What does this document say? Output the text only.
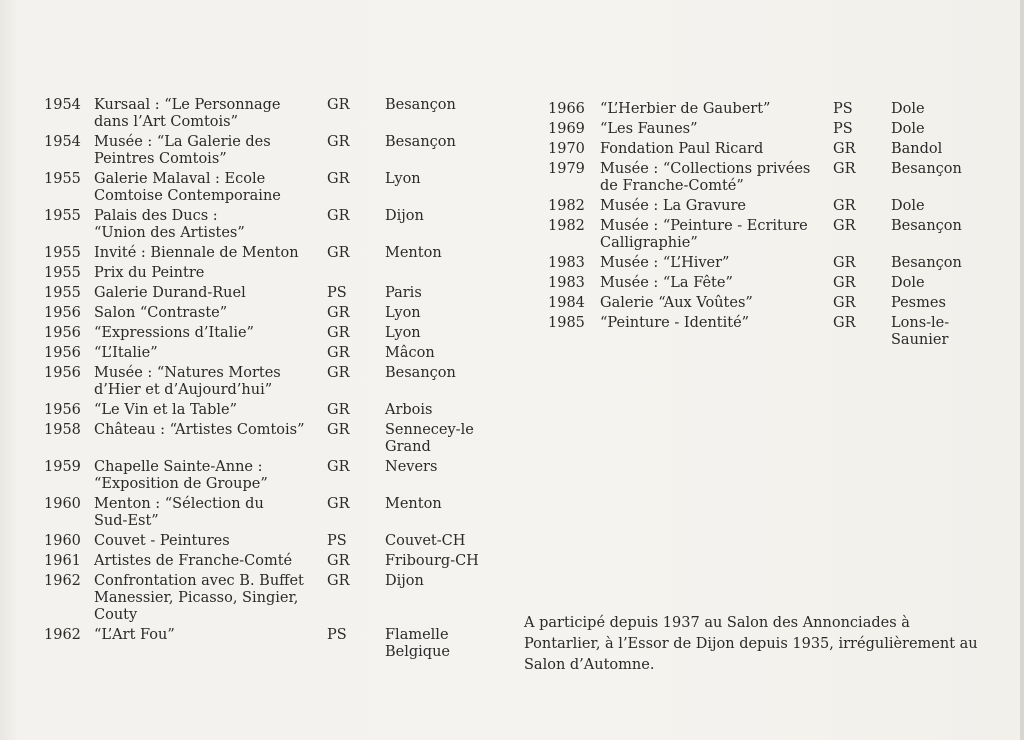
1954 Kursaal : “Le Personnage
dans l’Art Comtois”
GR	Besançon
1954 Musée : “La Galerie des
Peintres Comtois”
GR	Besançon
1955 Galerie Malaval : Ecole
Comtoise Contemporaine
GR	Lyon
1955 Palais des Ducs :
“Union des Artistes”
GR	Dijon
1955 Invité : Biennale de Menton	GR	Menton
1955 Prix du Peintre
1955 Galerie Durand-Ruel	PS	Paris
1956 Salon “Contraste”	GR	Lyon
1956 “Expressions d’Italie”	GR	Lyon
1956 “L’Italie”	GR	Mâcon
1956 Musée : “Natures Mortes
d’Hier et d’Aujourd’hui”
GR	Besançon
1956 “Le Vin et la Table”	GR	Arbois
1958 Château : “Artistes Comtois”	GR	Sennecey-le
Grand
1959 Chapelle Sainte-Anne :
“Exposition de Groupe”
GR	Nevers
1960 Menton : “Sélection du
Sud-Est”
GR	Menton
1960 Couvet - Peintures	PS	Couvet-CH
1961 Artistes de Franche-Comté	GR	Fribourg-CH
1962 Confrontation avec B. Buffet
Manessier, Picasso, Singier,
Couty
GR	Dijon
1962 “L’Art Fou”	PS	Flamelle
Belgique
1966	“L’Herbier de Gaubert”	PS	Dole
1969	“Les Faunes”	PS	Dole
1970	Fondation Paul Ricard	GR	Bandol
1979	Musée : “Collections privées
de Franche-Comté”
GR	Besançon
1982	Musée : La Gravure	GR	Dole
1982	Musée : “Peinture - Ecriture
Calligraphie”
GR	Besançon
1983	Musée : “L’Hiver”	GR	Besançon
1983	Musée : “La Fête”	GR	Dole
1984	Galerie “Aux Voûtes”	GR	Pesmes
1985	“Peinture - Identité”	GR	Lons-le-
Saunier
A participé depuis 1937 au Salon des Annonciades à Pontarlier, à l’Essor de Dijon depuis 1935, irrégulièrement au Salon d’Automne.
